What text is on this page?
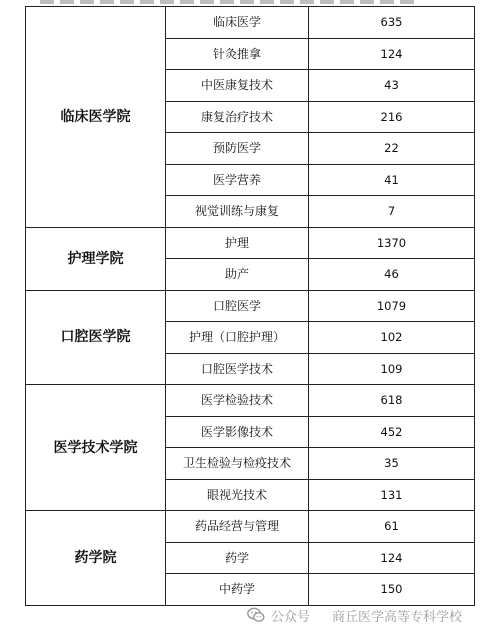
临床医学院	临床医学	635
	针灸推拿	124
	中医康复技术	43
	康复治疗技术	216
	预防医学	22
	医学营养	41
	视觉训练与康复	7
护理学院	护理	1370
	助产	46
口腔医学院	口腔医学	1079
	护理（口腔护理）	102
	口腔医学技术	109
医学技术学院	医学检验技术	618
	医学影像技术	452
	卫生检验与检疫技术	35
	眼视光技术	131
药学院	药品经营与管理	61
	药学	124
	中药学	150
公众号 商丘医学高等专科学校
